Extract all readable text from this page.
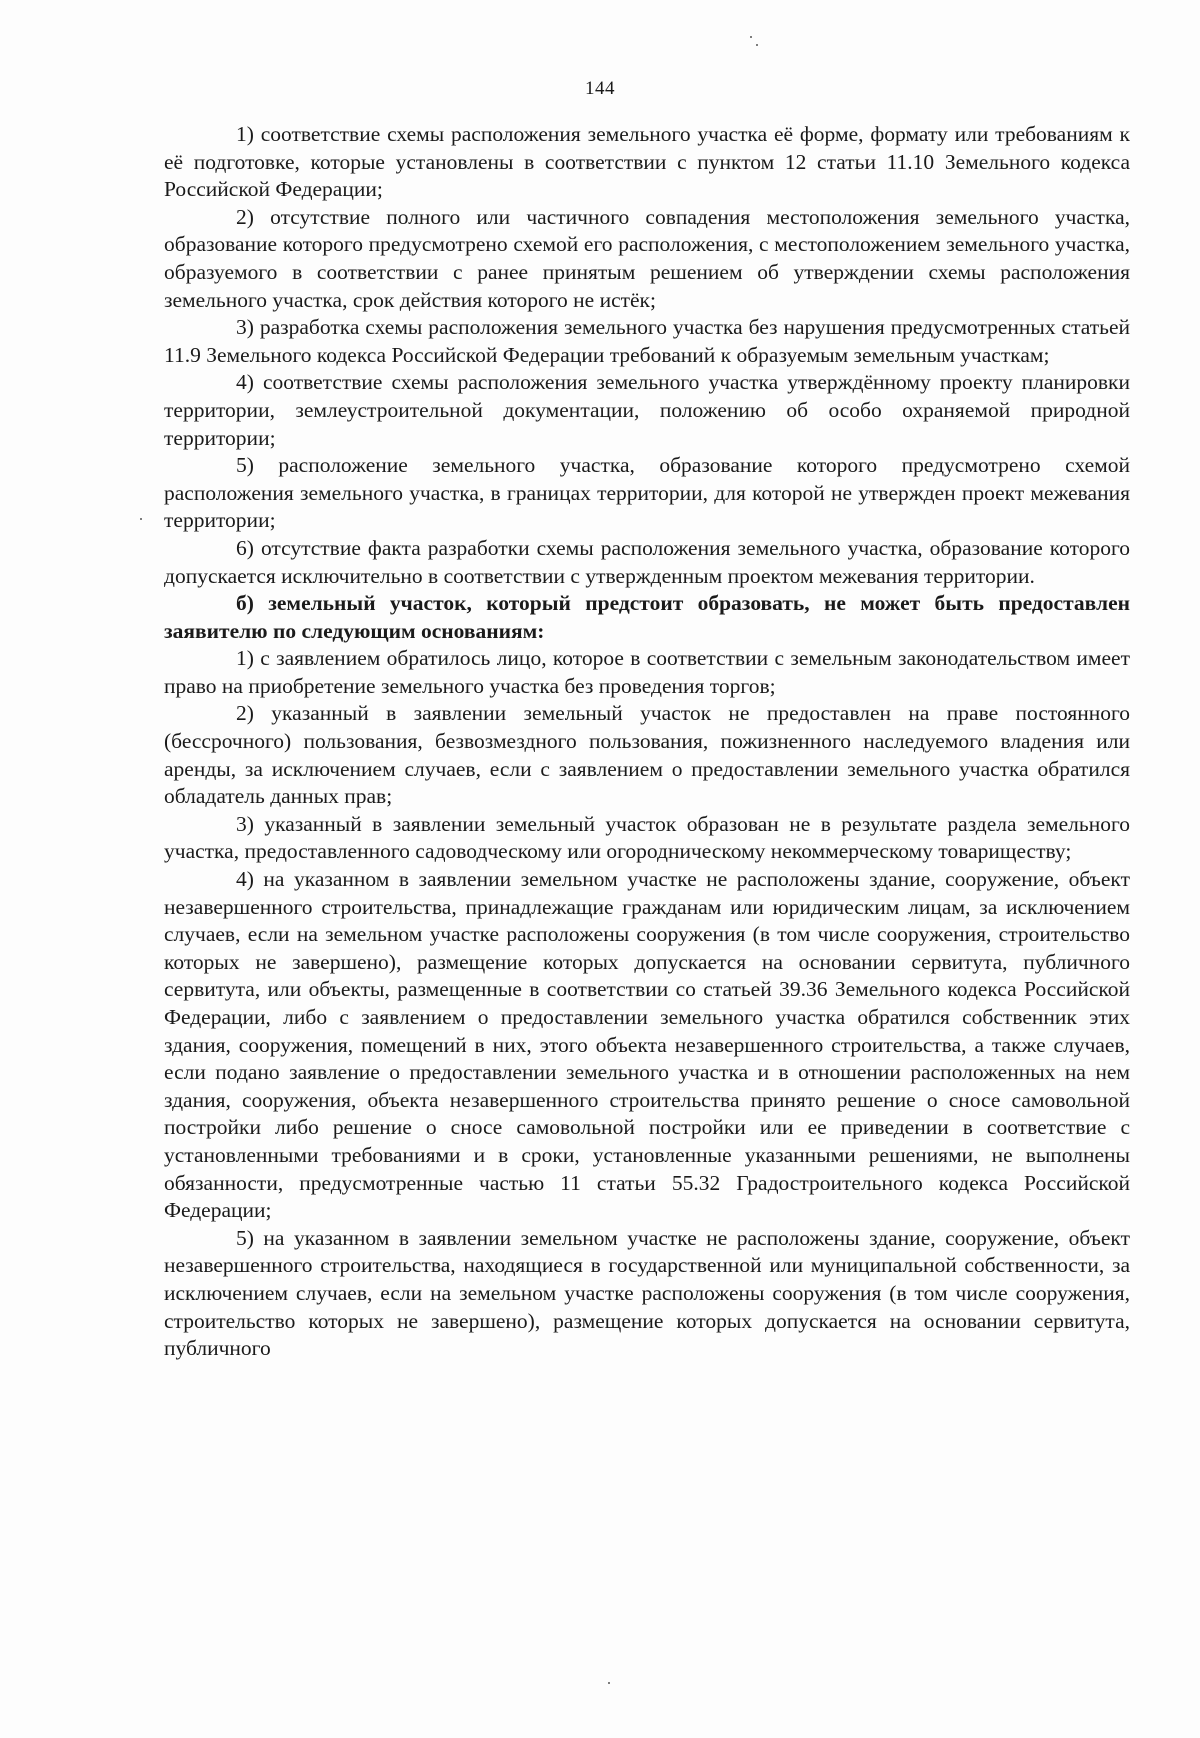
144

1) соответствие схемы расположения земельного участка её форме, формату или требованиям к её подготовке, которые установлены в соответствии с пунктом 12 статьи 11.10 Земельного кодекса Российской Федерации;

2) отсутствие полного или частичного совпадения местоположения земельного участка, образование которого предусмотрено схемой его расположения, с местоположением земельного участка, образуемого в соответствии с ранее принятым решением об утверждении схемы расположения земельного участка, срок действия которого не истёк;

3) разработка схемы расположения земельного участка без нарушения предусмотренных статьей 11.9 Земельного кодекса Российской Федерации требований к образуемым земельным участкам;

4) соответствие схемы расположения земельного участка утверждённому проекту планировки территории, землеустроительной документации, положению об особо охраняемой природной территории;

5) расположение земельного участка, образование которого предусмотрено схемой расположения земельного участка, в границах территории, для которой не утвержден проект межевания территории;

6) отсутствие факта разработки схемы расположения земельного участка, образование которого допускается исключительно в соответствии с утвержденным проектом межевания территории.

б) земельный участок, который предстоит образовать, не может быть предоставлен заявителю по следующим основаниям:

1) с заявлением обратилось лицо, которое в соответствии с земельным законодательством имеет право на приобретение земельного участка без проведения торгов;

2) указанный в заявлении земельный участок не предоставлен на праве постоянного (бессрочного) пользования, безвозмездного пользования, пожизненного наследуемого владения или аренды, за исключением случаев, если с заявлением о предоставлении земельного участка обратился обладатель данных прав;

3) указанный в заявлении земельный участок образован не в результате раздела земельного участка, предоставленного садоводческому или огородническому некоммерческому товариществу;

4) на указанном в заявлении земельном участке не расположены здание, сооружение, объект незавершенного строительства, принадлежащие гражданам или юридическим лицам, за исключением случаев, если на земельном участке расположены сооружения (в том числе сооружения, строительство которых не завершено), размещение которых допускается на основании сервитута, публичного сервитута, или объекты, размещенные в соответствии со статьей 39.36 Земельного кодекса Российской Федерации, либо с заявлением о предоставлении земельного участка обратился собственник этих здания, сооружения, помещений в них, этого объекта незавершенного строительства, а также случаев, если подано заявление о предоставлении земельного участка и в отношении расположенных на нем здания, сооружения, объекта незавершенного строительства принято решение о сносе самовольной постройки либо решение о сносе самовольной постройки или ее приведении в соответствие с установленными требованиями и в сроки, установленные указанными решениями, не выполнены обязанности, предусмотренные частью 11 статьи 55.32 Градостроительного кодекса Российской Федерации;

5) на указанном в заявлении земельном участке не расположены здание, сооружение, объект незавершенного строительства, находящиеся в государственной или муниципальной собственности, за исключением случаев, если на земельном участке расположены сооружения (в том числе сооружения, строительство которых не завершено), размещение которых допускается на основании сервитута, публичного
